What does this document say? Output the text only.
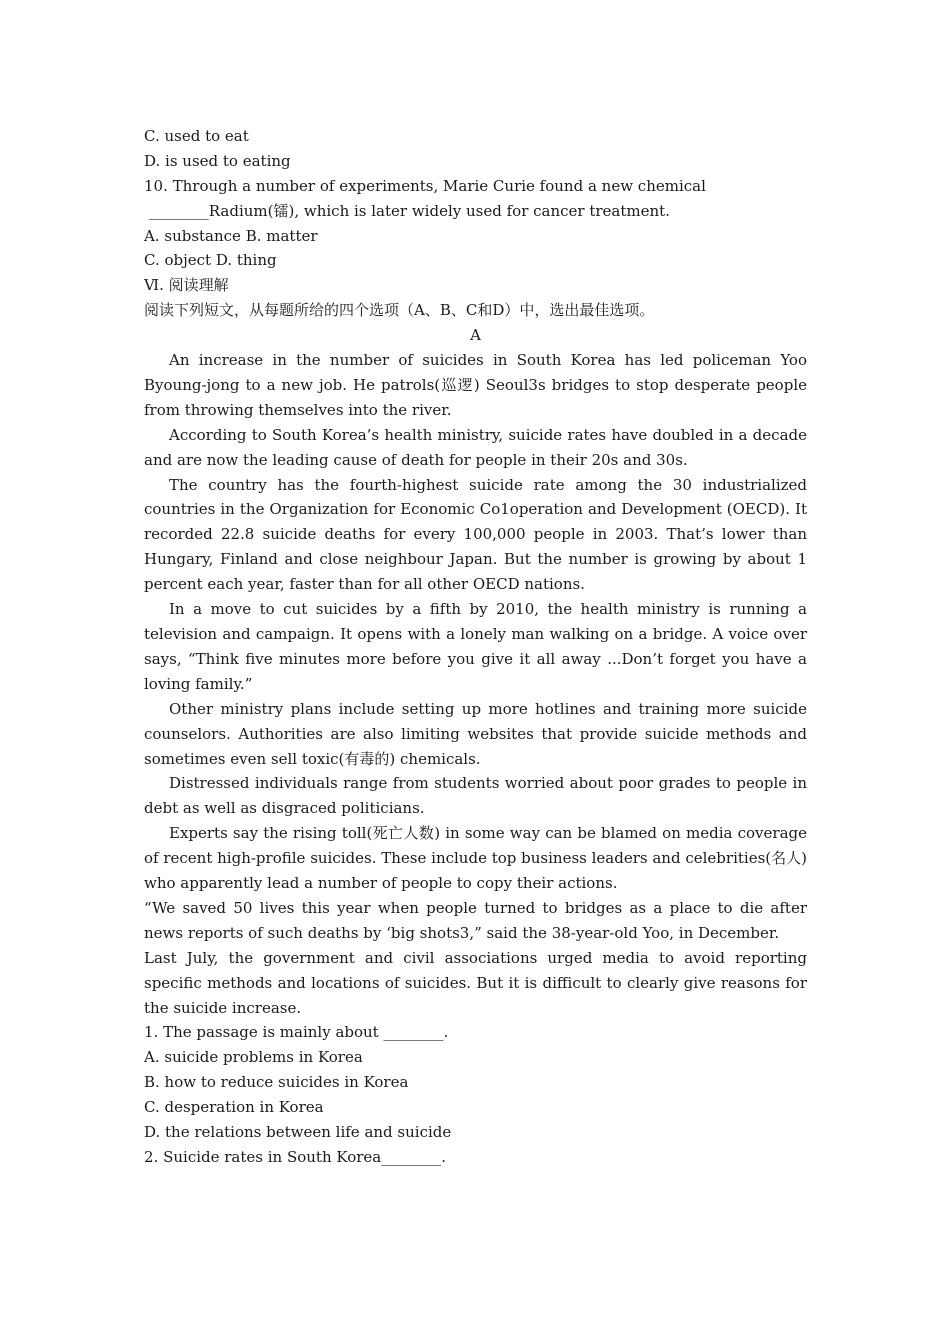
C. used to eat
D. is used to eating
10. Through a number of experiments, Marie Curie found a new chemical
________Radium(镭), which is later widely used for cancer treatment.
A. substance B. matter
C. object D. thing
Ⅵ. 阅读理解
阅读下列短文，从每题所给的四个选项（A、B、C和D）中，选出最佳选项。
A
An increase in the number of suicides in South Korea has led policeman Yoo Byoung-jong to a new job. He patrols(巡逻) Seoul3s bridges to stop desperate people from throwing themselves into the river.
According to South Korea’s health ministry, suicide rates have doubled in a decade and are now the leading cause of death for people in their 20s and 30s.
The country has the fourth-highest suicide rate among the 30 industrialized countries in the Organization for Economic Co1operation and Development (OECD). It recorded 22.8 suicide deaths for every 100,000 people in 2003. That’s lower than Hungary, Finland and close neighbour Japan. But the number is growing by about 1 percent each year, faster than for all other OECD nations.
In a move to cut suicides by a fifth by 2010, the health ministry is running a television and campaign. It opens with a lonely man walking on a bridge. A voice over says, “Think five minutes more before you give it all away ...Don’t forget you have a loving family.”
Other ministry plans include setting up more hotlines and training more suicide counselors. Authorities are also limiting websites that provide suicide methods and sometimes even sell toxic(有毒的) chemicals.
Distressed individuals range from students worried about poor grades to people in debt as well as disgraced politicians.
Experts say the rising toll(死亡人数) in some way can be blamed on media coverage of recent high-profile suicides. These include top business leaders and celebrities(名人) who apparently lead a number of people to copy their actions.
“We saved 50 lives this year when people turned to bridges as a place to die after news reports of such deaths by ‘big shots3,” said the 38-year-old Yoo, in December.
Last July, the government and civil associations urged media to avoid reporting specific methods and locations of suicides. But it is difficult to clearly give reasons for the suicide increase.
1. The passage is mainly about ________.
A. suicide problems in Korea
B. how to reduce suicides in Korea
C. desperation in Korea
D. the relations between life and suicide
2. Suicide rates in South Korea________.
